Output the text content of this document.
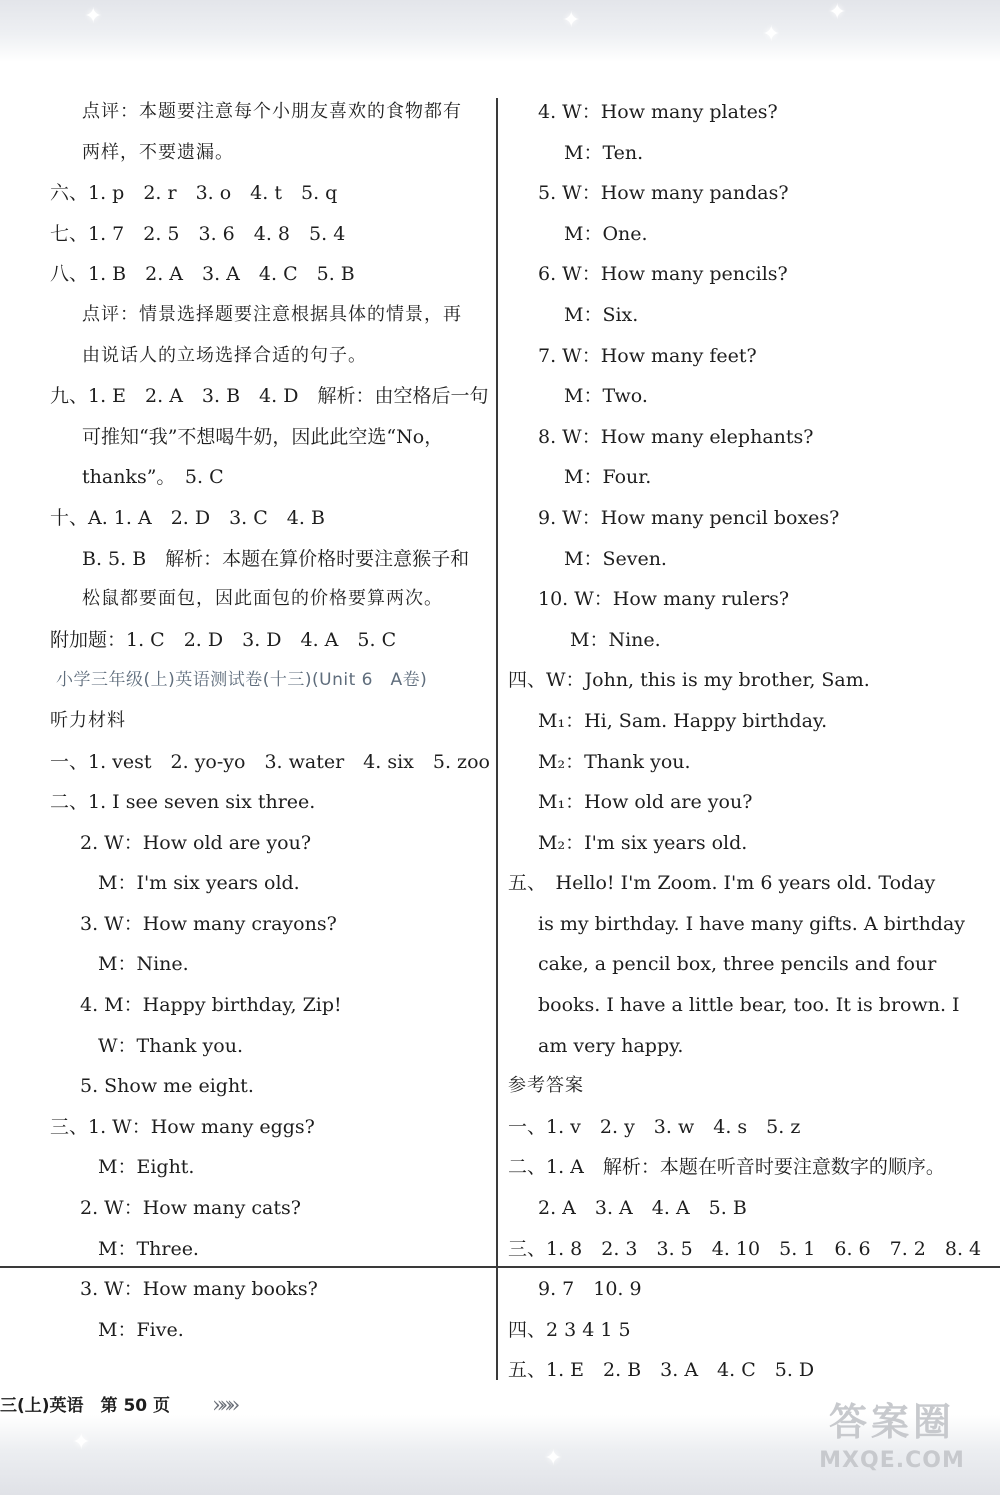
✦	✦
✦
✦
✦
✦
点评：本题要注意每个小朋友喜欢的食物都有
两样，不要遗漏。
六、1. p　2. r　3. o　4. t　5. q
七、1. 7　2. 5　3. 6　4. 8　5. 4
八、1. B　2. A　3. A　4. C　5. B
点评：情景选择题要注意根据具体的情景，再
由说话人的立场选择合适的句子。
九、1. E　2. A　3. B　4. D　解析：由空格后一句
可推知“我”不想喝牛奶，因此此空选“No，
thanks”。　5. C
十、A. 1. A　2. D　3. C　4. B
B. 5. B　解析：本题在算价格时要注意猴子和
松鼠都要面包，因此面包的价格要算两次。
附加题：1. C　2. D　3. D　4. A　5. C
小学三年级(上)英语测试卷(十三)(Unit 6　A卷)
听力材料
一、1. vest　2. yo-yo　3. water　4. six　5. zoo
二、1. I see seven six three.
2. W：How old are you?
M：I'm six years old.
3. W：How many crayons?
M：Nine.
4. M：Happy birthday, Zip!
W：Thank you.
5. Show me eight.
三、1. W：How many eggs?
M：Eight.
2. W：How many cats?
M：Three.
3. W：How many books?
M：Five.
4. W：How many plates?
M：Ten.
5. W：How many pandas?
M：One.
6. W：How many pencils?
M：Six.
7. W：How many feet?
M：Two.
8. W：How many elephants?
M：Four.
9. W：How many pencil boxes?
M：Seven.
10. W：How many rulers?
M：Nine.
四、W：John, this is my brother, Sam.
M₁：Hi, Sam. Happy birthday.
M₂：Thank you.
M₁：How old are you?
M₂：I'm six years old.
五、　Hello! I'm Zoom. I'm 6 years old. Today
is my birthday. I have many gifts. A birthday
cake, a pencil box, three pencils and four
books. I have a little bear, too. It is brown. I
am very happy.
参考答案
一、1. v　2. y　3. w　4. s　5. z
二、1. A　解析：本题在听音时要注意数字的顺序。
2. A　3. A　4. A　5. B
三、1. 8　2. 3　3. 5　4. 10　5. 1　6. 6　7. 2　8. 4
9. 7　10. 9
四、2 3 4 1 5
五、1. E　2. B　3. A　4. C　5. D
三(上)英语　第 50 页 »»»	答案圈
MXQE.COM
